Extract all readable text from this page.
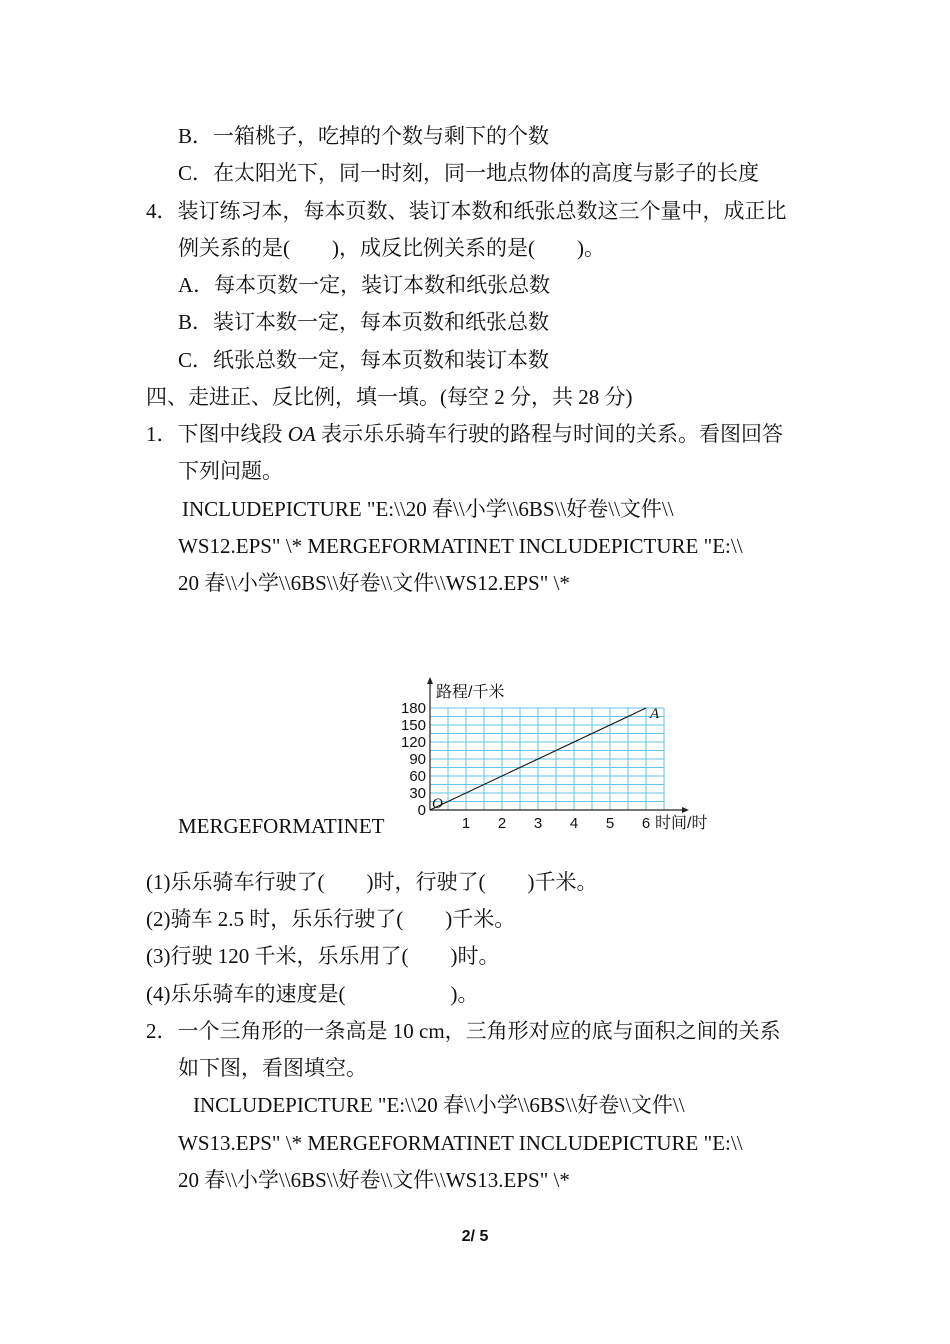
B．一箱桃子，吃掉的个数与剩下的个数
C．在太阳光下，同一时刻，同一地点物体的高度与影子的长度
4．装订练习本，每本页数、装订本数和纸张总数这三个量中，成正比
例关系的是(　　)，成反比例关系的是(　　)。
A．每本页数一定，装订本数和纸张总数
B．装订本数一定，每本页数和纸张总数
C．纸张总数一定，每本页数和装订本数
四、走进正、反比例，填一填。(每空 2 分，共 28 分)
1．下图中线段 OA 表示乐乐骑车行驶的路程与时间的关系。看图回答
下列问题。
INCLUDEPICTURE "E:\\20 春\\小学\\6BS\\好卷\\文件\\
WS12.EPS" \* MERGEFORMATINET INCLUDEPICTURE "E:\\
20 春\\小学\\6BS\\好卷\\文件\\WS12.EPS" \*
MERGEFORMATINET
0
30
60
90
120
150
180
1 2 3 4 5 6
路程/千米
时间/时
O
A
(1)乐乐骑车行驶了(　　)时，行驶了(　　)千米。
(2)骑车 2.5 时，乐乐行驶了(　　)千米。
(3)行驶 120 千米，乐乐用了(　　)时。
(4)乐乐骑车的速度是(　　　　　)。
2．一个三角形的一条高是 10 cm，三角形对应的底与面积之间的关系
如下图，看图填空。
INCLUDEPICTURE "E:\\20 春\\小学\\6BS\\好卷\\文件\\
WS13.EPS" \* MERGEFORMATINET INCLUDEPICTURE "E:\\
20 春\\小学\\6BS\\好卷\\文件\\WS13.EPS" \*
2/ 5
